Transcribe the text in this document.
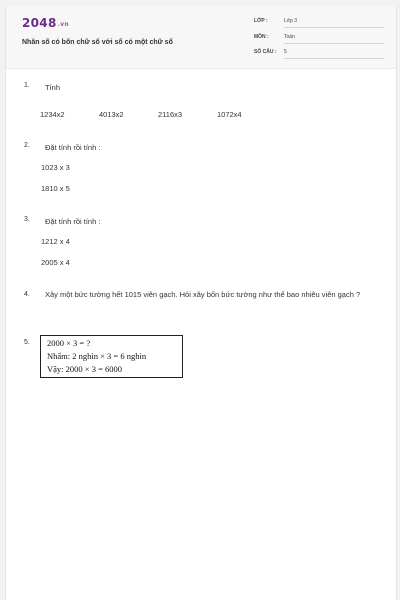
2048.vn
Nhân số có bốn chữ số với số có một chữ số
LỚP :	Lớp 3
MÔN :	Toán
SỐ CÂU :	5
1. Tính
1234x2	4013x2	2116x3	1072x4
2. Đặt tính rồi tính :
1023 x 3
1810 x 5
3. Đặt tính rồi tính :
1212 x 4
2005 x 4
4. Xây một bức tường hết 1015 viên gạch. Hỏi xây bốn bức tường như thế bao nhiêu viên gạch ?
5. 2000 × 3 = ?
Nhẩm: 2 nghìn × 3 = 6 nghìn
Vậy: 2000 × 3 = 6000
